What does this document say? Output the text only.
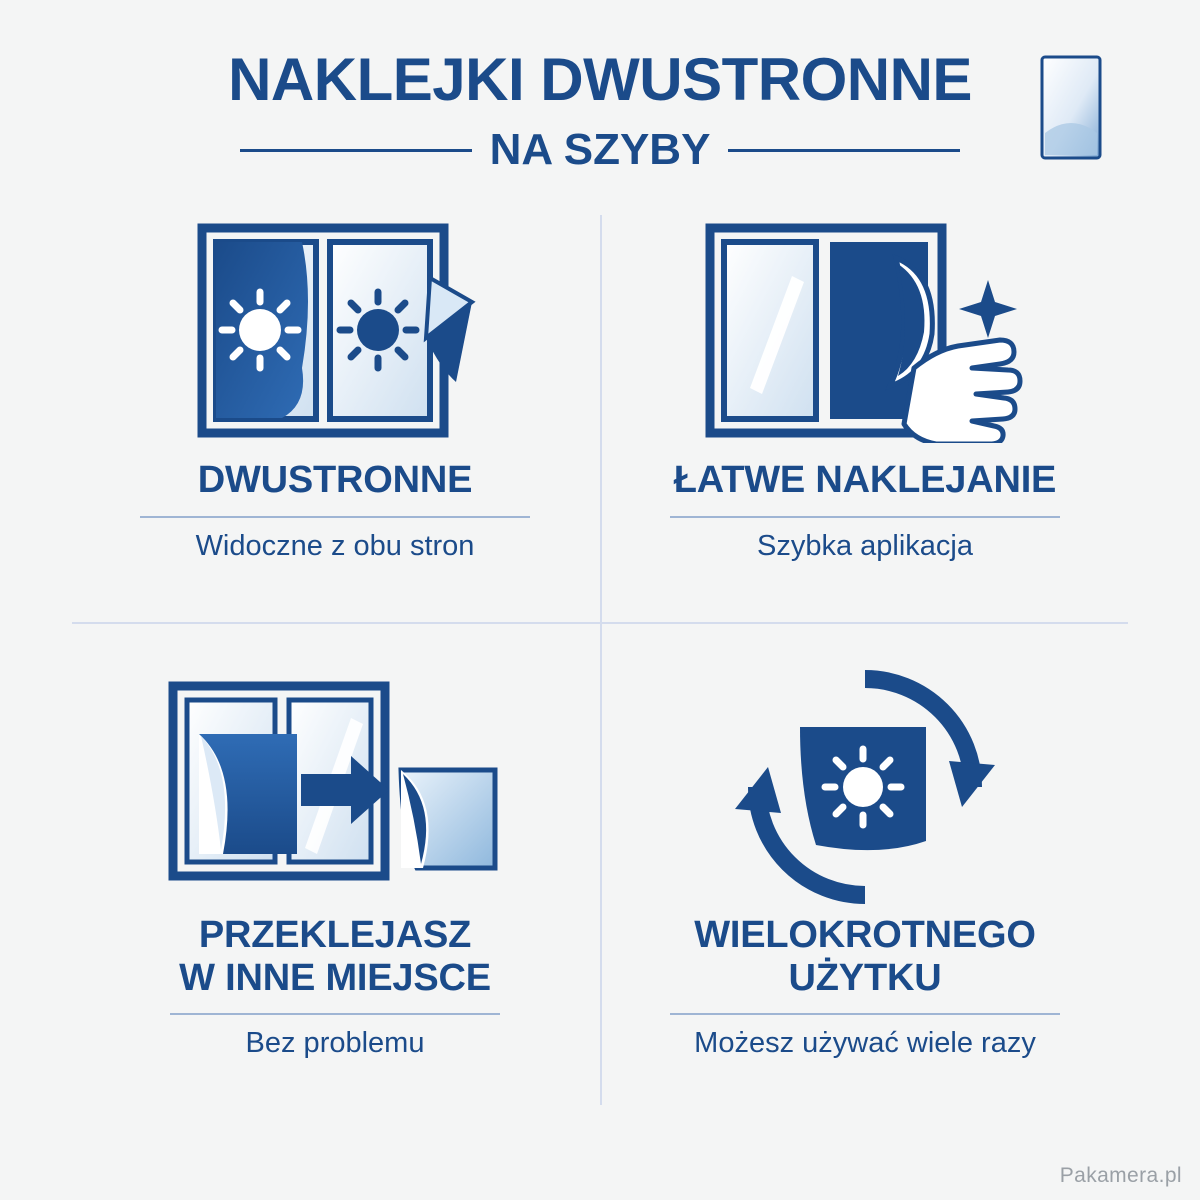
NAKLEJKI DWUSTRONNE
NA SZYBY
DWUSTRONNE
Widoczne z obu stron
ŁATWE NAKLEJANIE
Szybka aplikacja
PRZEKLEJASZ
W INNE MIEJSCE
Bez problemu
WIELOKROTNEGO
UŻYTKU
Możesz używać wiele razy
Pakamera.pl
